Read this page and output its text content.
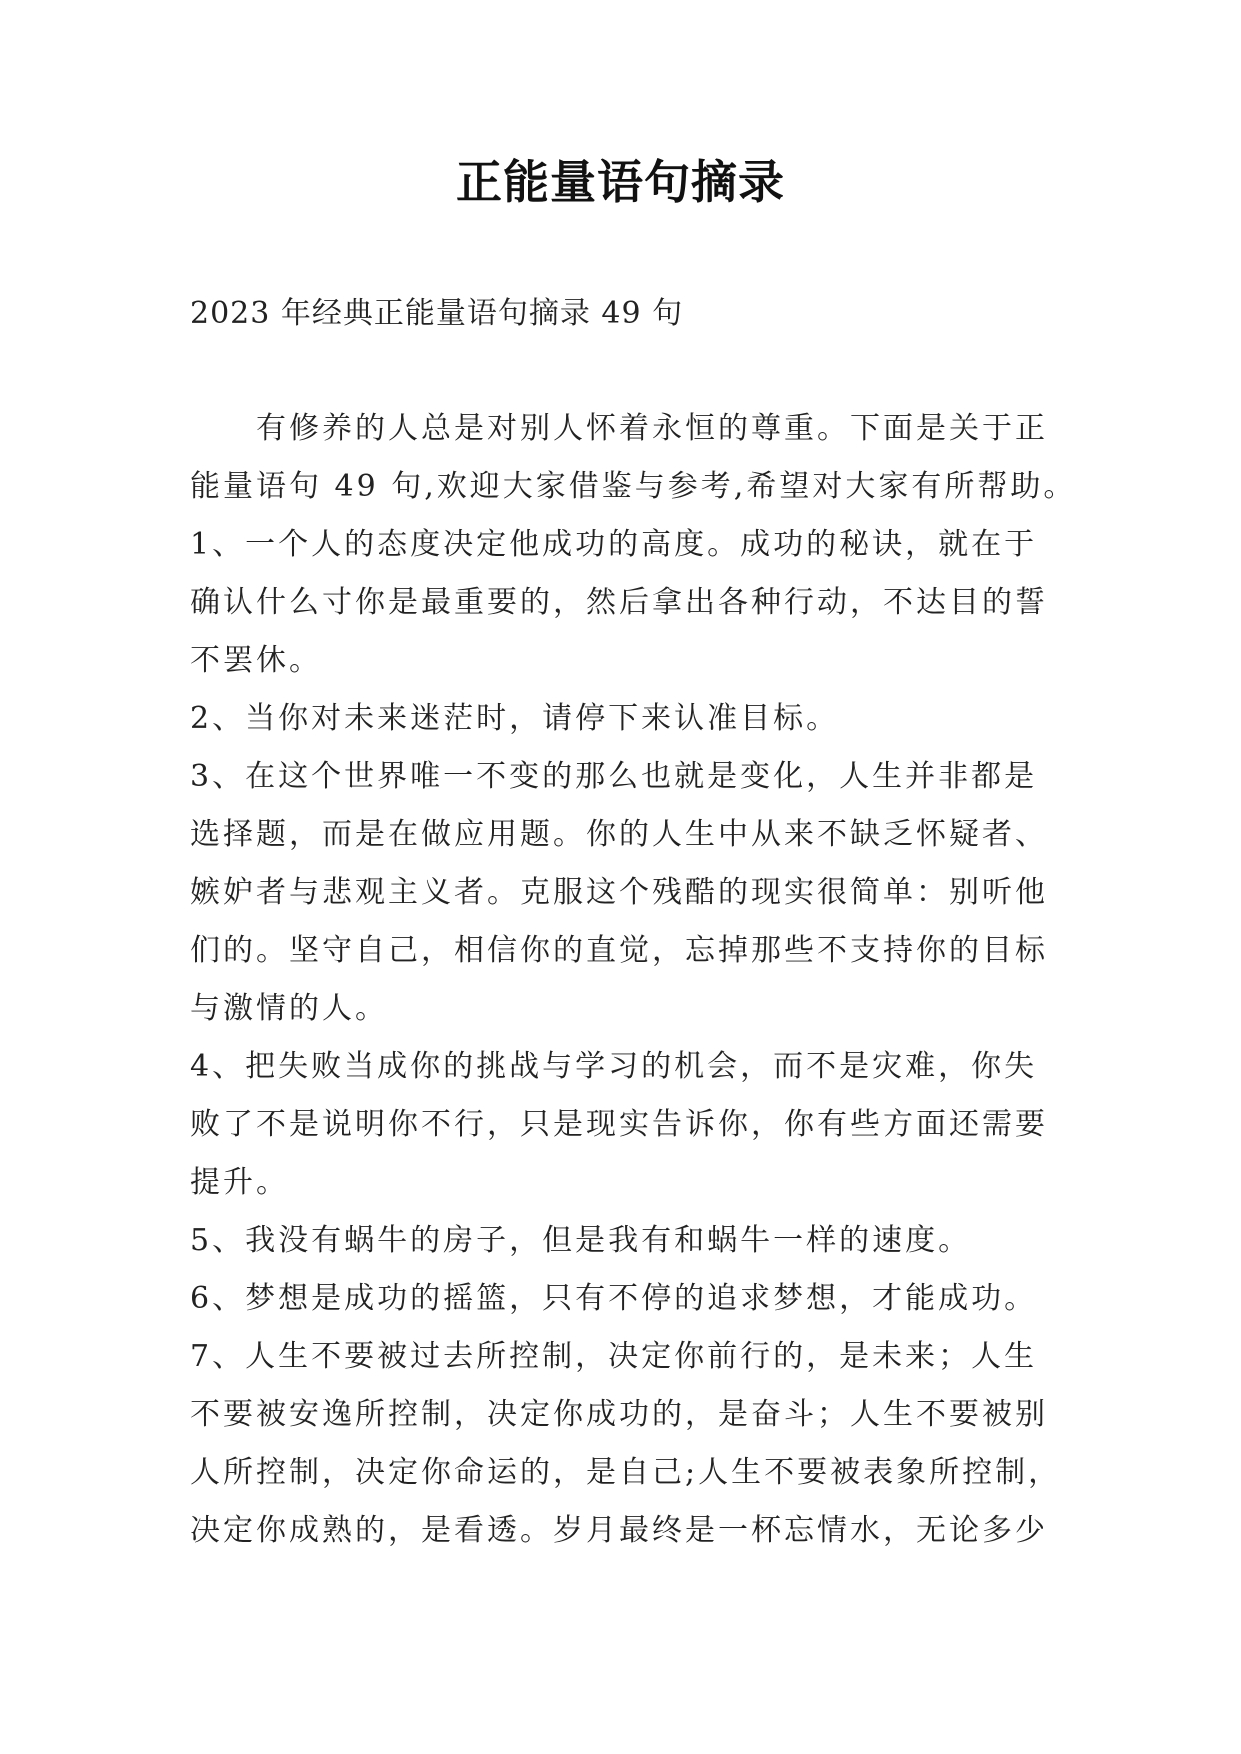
正能量语句摘录
2023 年经典正能量语句摘录 49 句
有修养的人总是对别人怀着永恒的尊重。下面是关于正
能量语句 49 句,欢迎大家借鉴与参考,希望对大家有所帮助。
1、一个人的态度决定他成功的高度。成功的秘诀，就在于
确认什么寸你是最重要的，然后拿出各种行动，不达目的誓
不罢休。
2、当你对未来迷茫时，请停下来认准目标。
3、在这个世界唯一不变的那么也就是变化，人生并非都是
选择题，而是在做应用题。你的人生中从来不缺乏怀疑者、
嫉妒者与悲观主义者。克服这个残酷的现实很简单：别听他
们的。坚守自己，相信你的直觉，忘掉那些不支持你的目标
与激情的人。
4、把失败当成你的挑战与学习的机会，而不是灾难，你失
败了不是说明你不行，只是现实告诉你，你有些方面还需要
提升。
5、我没有蜗牛的房子，但是我有和蜗牛一样的速度。
6、梦想是成功的摇篮，只有不停的追求梦想，才能成功。
7、人生不要被过去所控制，决定你前行的，是未来；人生
不要被安逸所控制，决定你成功的，是奋斗；人生不要被别
人所控制，决定你命运的，是自己;人生不要被表象所控制，
决定你成熟的，是看透。岁月最终是一杯忘情水，无论多少
